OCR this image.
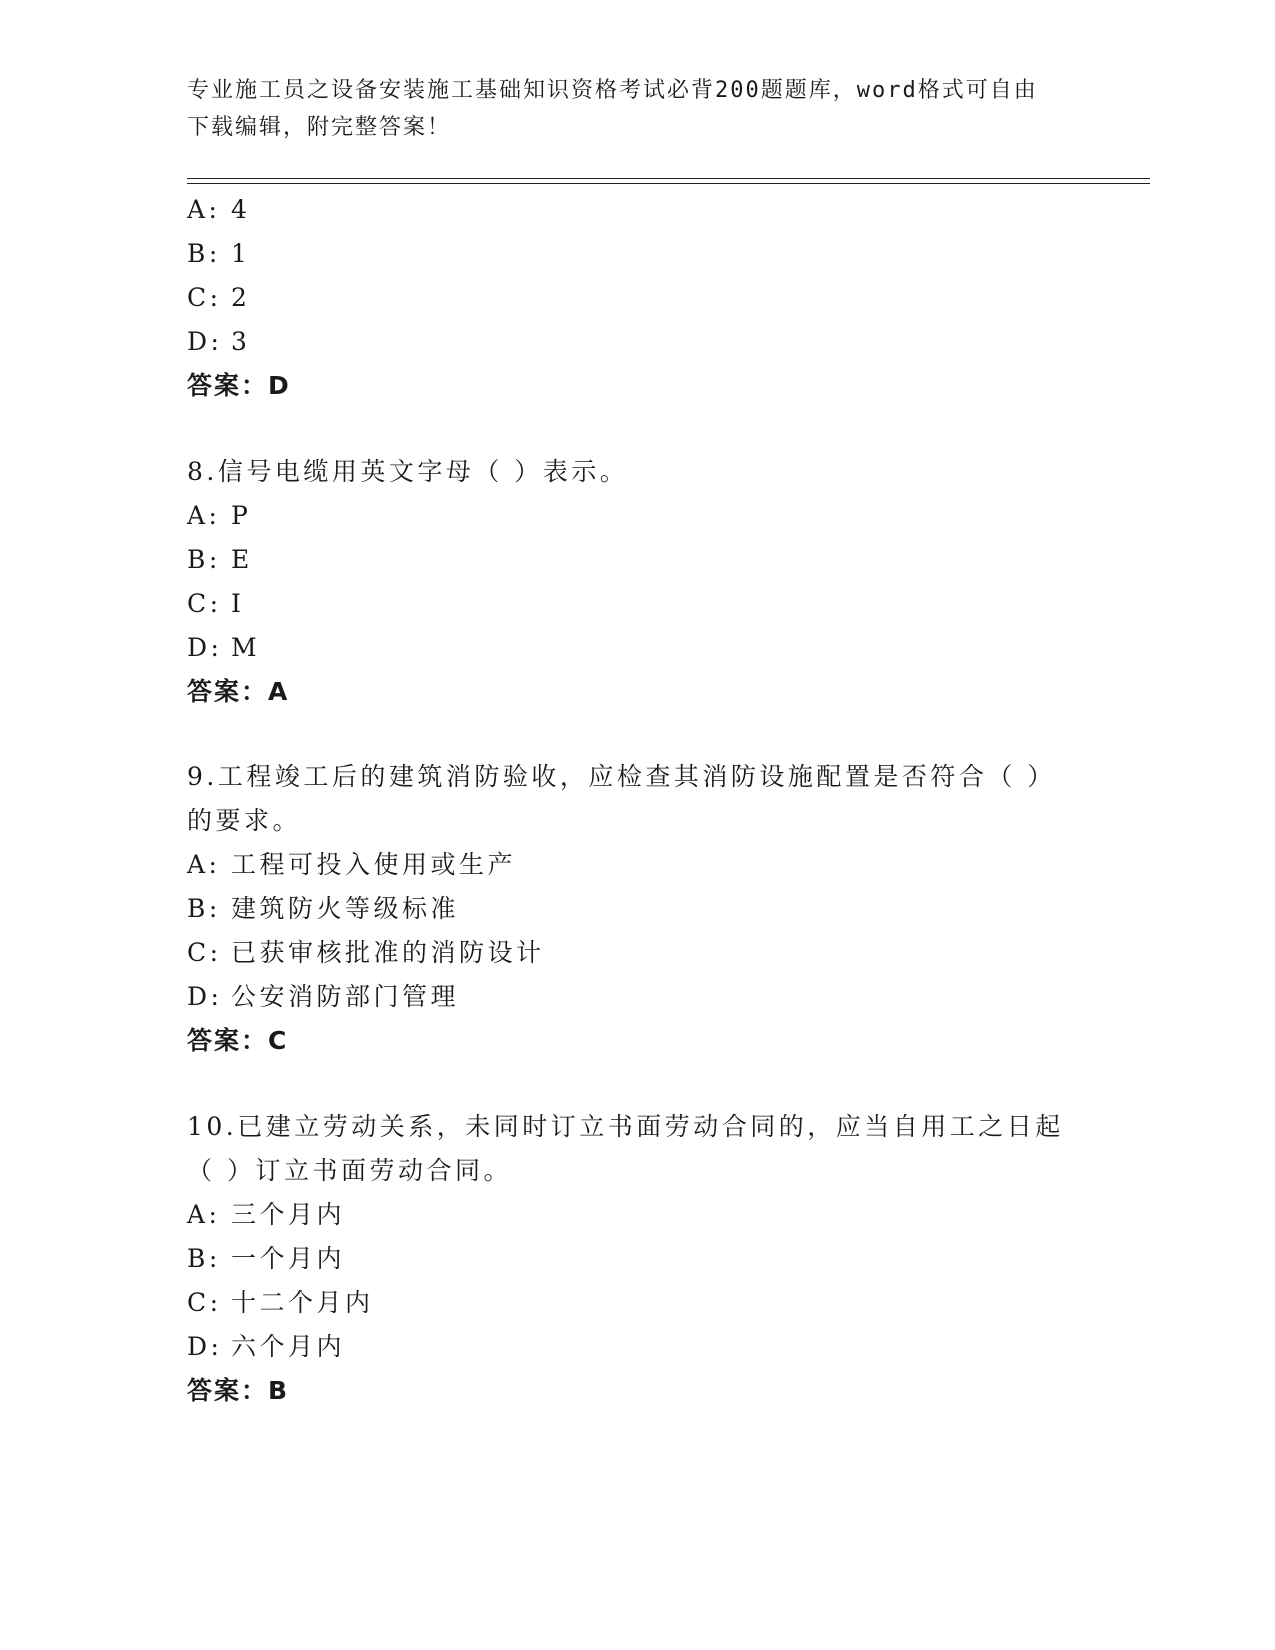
专业施工员之设备安装施工基础知识资格考试必背200题题库，word格式可自由
下载编辑，附完整答案！
A: 4
B: 1
C: 2
D: 3
答案：D
8.信号电缆用英文字母（ ）表示。
A: P
B: E
C: I
D: M
答案：A
9.工程竣工后的建筑消防验收，应检查其消防设施配置是否符合（ ）
的要求。
A: 工程可投入使用或生产
B: 建筑防火等级标准
C: 已获审核批准的消防设计
D: 公安消防部门管理
答案：C
10.已建立劳动关系，未同时订立书面劳动合同的，应当自用工之日起
（ ）订立书面劳动合同。
A: 三个月内
B: 一个月内
C: 十二个月内
D: 六个月内
答案：B
